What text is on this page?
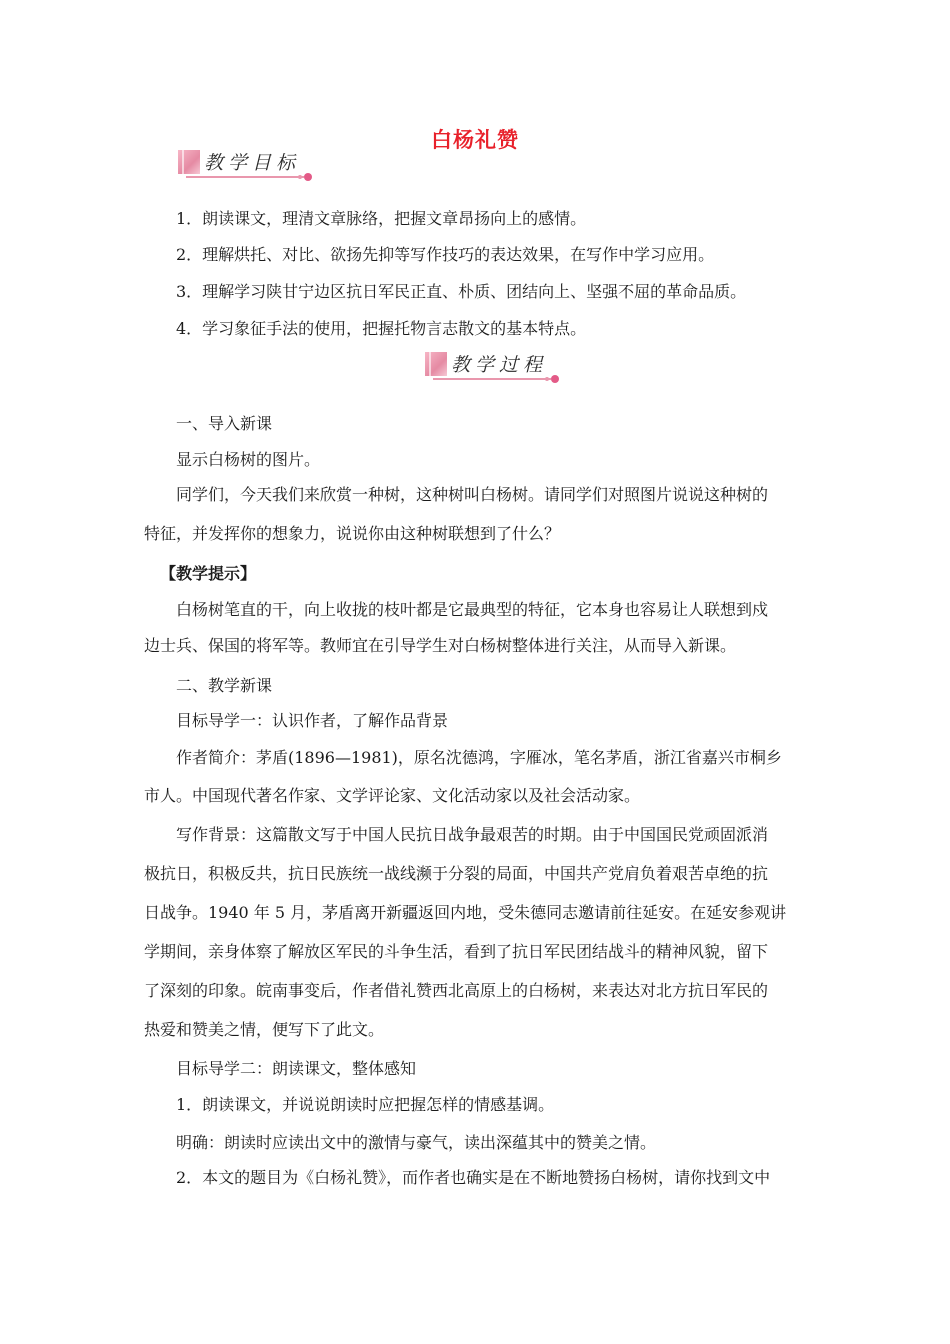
白杨礼赞
教学目标
1．朗读课文，理清文章脉络，把握文章昂扬向上的感情。
2．理解烘托、对比、欲扬先抑等写作技巧的表达效果，在写作中学习应用。
3．理解学习陕甘宁边区抗日军民正直、朴质、团结向上、坚强不屈的革命品质。
4．学习象征手法的使用，把握托物言志散文的基本特点。
教学过程
一、导入新课
显示白杨树的图片。
同学们，今天我们来欣赏一种树，这种树叫白杨树。请同学们对照图片说说这种树的
特征，并发挥你的想象力，说说你由这种树联想到了什么？
【教学提示】
白杨树笔直的干，向上收拢的枝叶都是它最典型的特征，它本身也容易让人联想到戍
边士兵、保国的将军等。教师宜在引导学生对白杨树整体进行关注，从而导入新课。
二、教学新课
目标导学一：认识作者，了解作品背景
作者简介：茅盾(1896—1981)，原名沈德鸿，字雁冰，笔名茅盾，浙江省嘉兴市桐乡
市人。中国现代著名作家、文学评论家、文化活动家以及社会活动家。
写作背景：这篇散文写于中国人民抗日战争最艰苦的时期。由于中国国民党顽固派消
极抗日，积极反共，抗日民族统一战线濒于分裂的局面，中国共产党肩负着艰苦卓绝的抗
日战争。1940 年 5 月，茅盾离开新疆返回内地，受朱德同志邀请前往延安。在延安参观讲
学期间，亲身体察了解放区军民的斗争生活，看到了抗日军民团结战斗的精神风貌，留下
了深刻的印象。皖南事变后，作者借礼赞西北高原上的白杨树，来表达对北方抗日军民的
热爱和赞美之情，便写下了此文。
目标导学二：朗读课文，整体感知
1．朗读课文，并说说朗读时应把握怎样的情感基调。
明确：朗读时应读出文中的激情与豪气，读出深蕴其中的赞美之情。
2．本文的题目为《白杨礼赞》，而作者也确实是在不断地赞扬白杨树，请你找到文中
